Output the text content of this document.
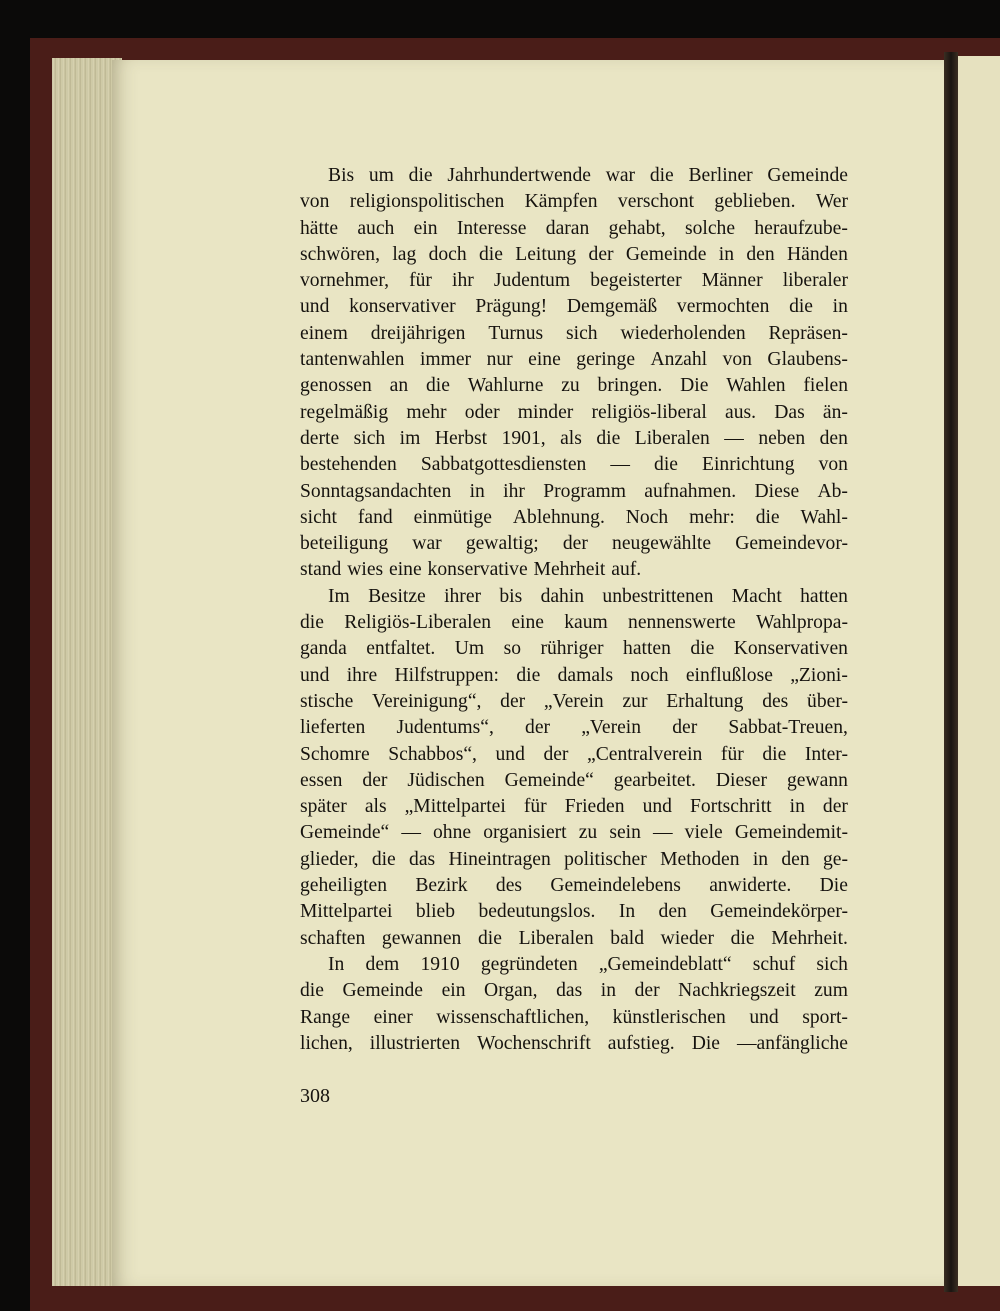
Bis um die Jahrhundertwende war die Berliner Gemeinde
von religionspolitischen Kämpfen verschont geblieben. Wer
hätte auch ein Interesse daran gehabt, solche heraufzube-
schwören, lag doch die Leitung der Gemeinde in den Händen
vornehmer, für ihr Judentum begeisterter Männer liberaler
und konservativer Prägung! Demgemäß vermochten die in
einem dreijährigen Turnus sich wiederholenden Repräsen-
tantenwahlen immer nur eine geringe Anzahl von Glaubens-
genossen an die Wahlurne zu bringen. Die Wahlen fielen
regelmäßig mehr oder minder religiös-liberal aus. Das än-
derte sich im Herbst 1901, als die Liberalen — neben den
bestehenden Sabbatgottesdiensten — die Einrichtung von
Sonntagsandachten in ihr Programm aufnahmen. Diese Ab-
sicht fand einmütige Ablehnung. Noch mehr: die Wahl-
beteiligung war gewaltig; der neugewählte Gemeindevor-
stand wies eine konservative Mehrheit auf.
Im Besitze ihrer bis dahin unbestrittenen Macht hatten
die Religiös-Liberalen eine kaum nennenswerte Wahlpropa-
ganda entfaltet. Um so rühriger hatten die Konservativen
und ihre Hilfstruppen: die damals noch einflußlose „Zioni-
stische Vereinigung“, der „Verein zur Erhaltung des über-
lieferten Judentums“, der „Verein der Sabbat-Treuen,
Schomre Schabbos“, und der „Centralverein für die Inter-
essen der Jüdischen Gemeinde“ gearbeitet. Dieser gewann
später als „Mittelpartei für Frieden und Fortschritt in der
Gemeinde“ — ohne organisiert zu sein — viele Gemeindemit-
glieder, die das Hineintragen politischer Methoden in den ge-
geheiligten Bezirk des Gemeindelebens anwiderte. Die
Mittelpartei blieb bedeutungslos. In den Gemeindekörper-
schaften gewannen die Liberalen bald wieder die Mehrheit.
In dem 1910 gegründeten „Gemeindeblatt“ schuf sich
die Gemeinde ein Organ, das in der Nachkriegszeit zum
Range einer wissenschaftlichen, künstlerischen und sport-
lichen, illustrierten Wochenschrift aufstieg. Die —anfängliche
308
